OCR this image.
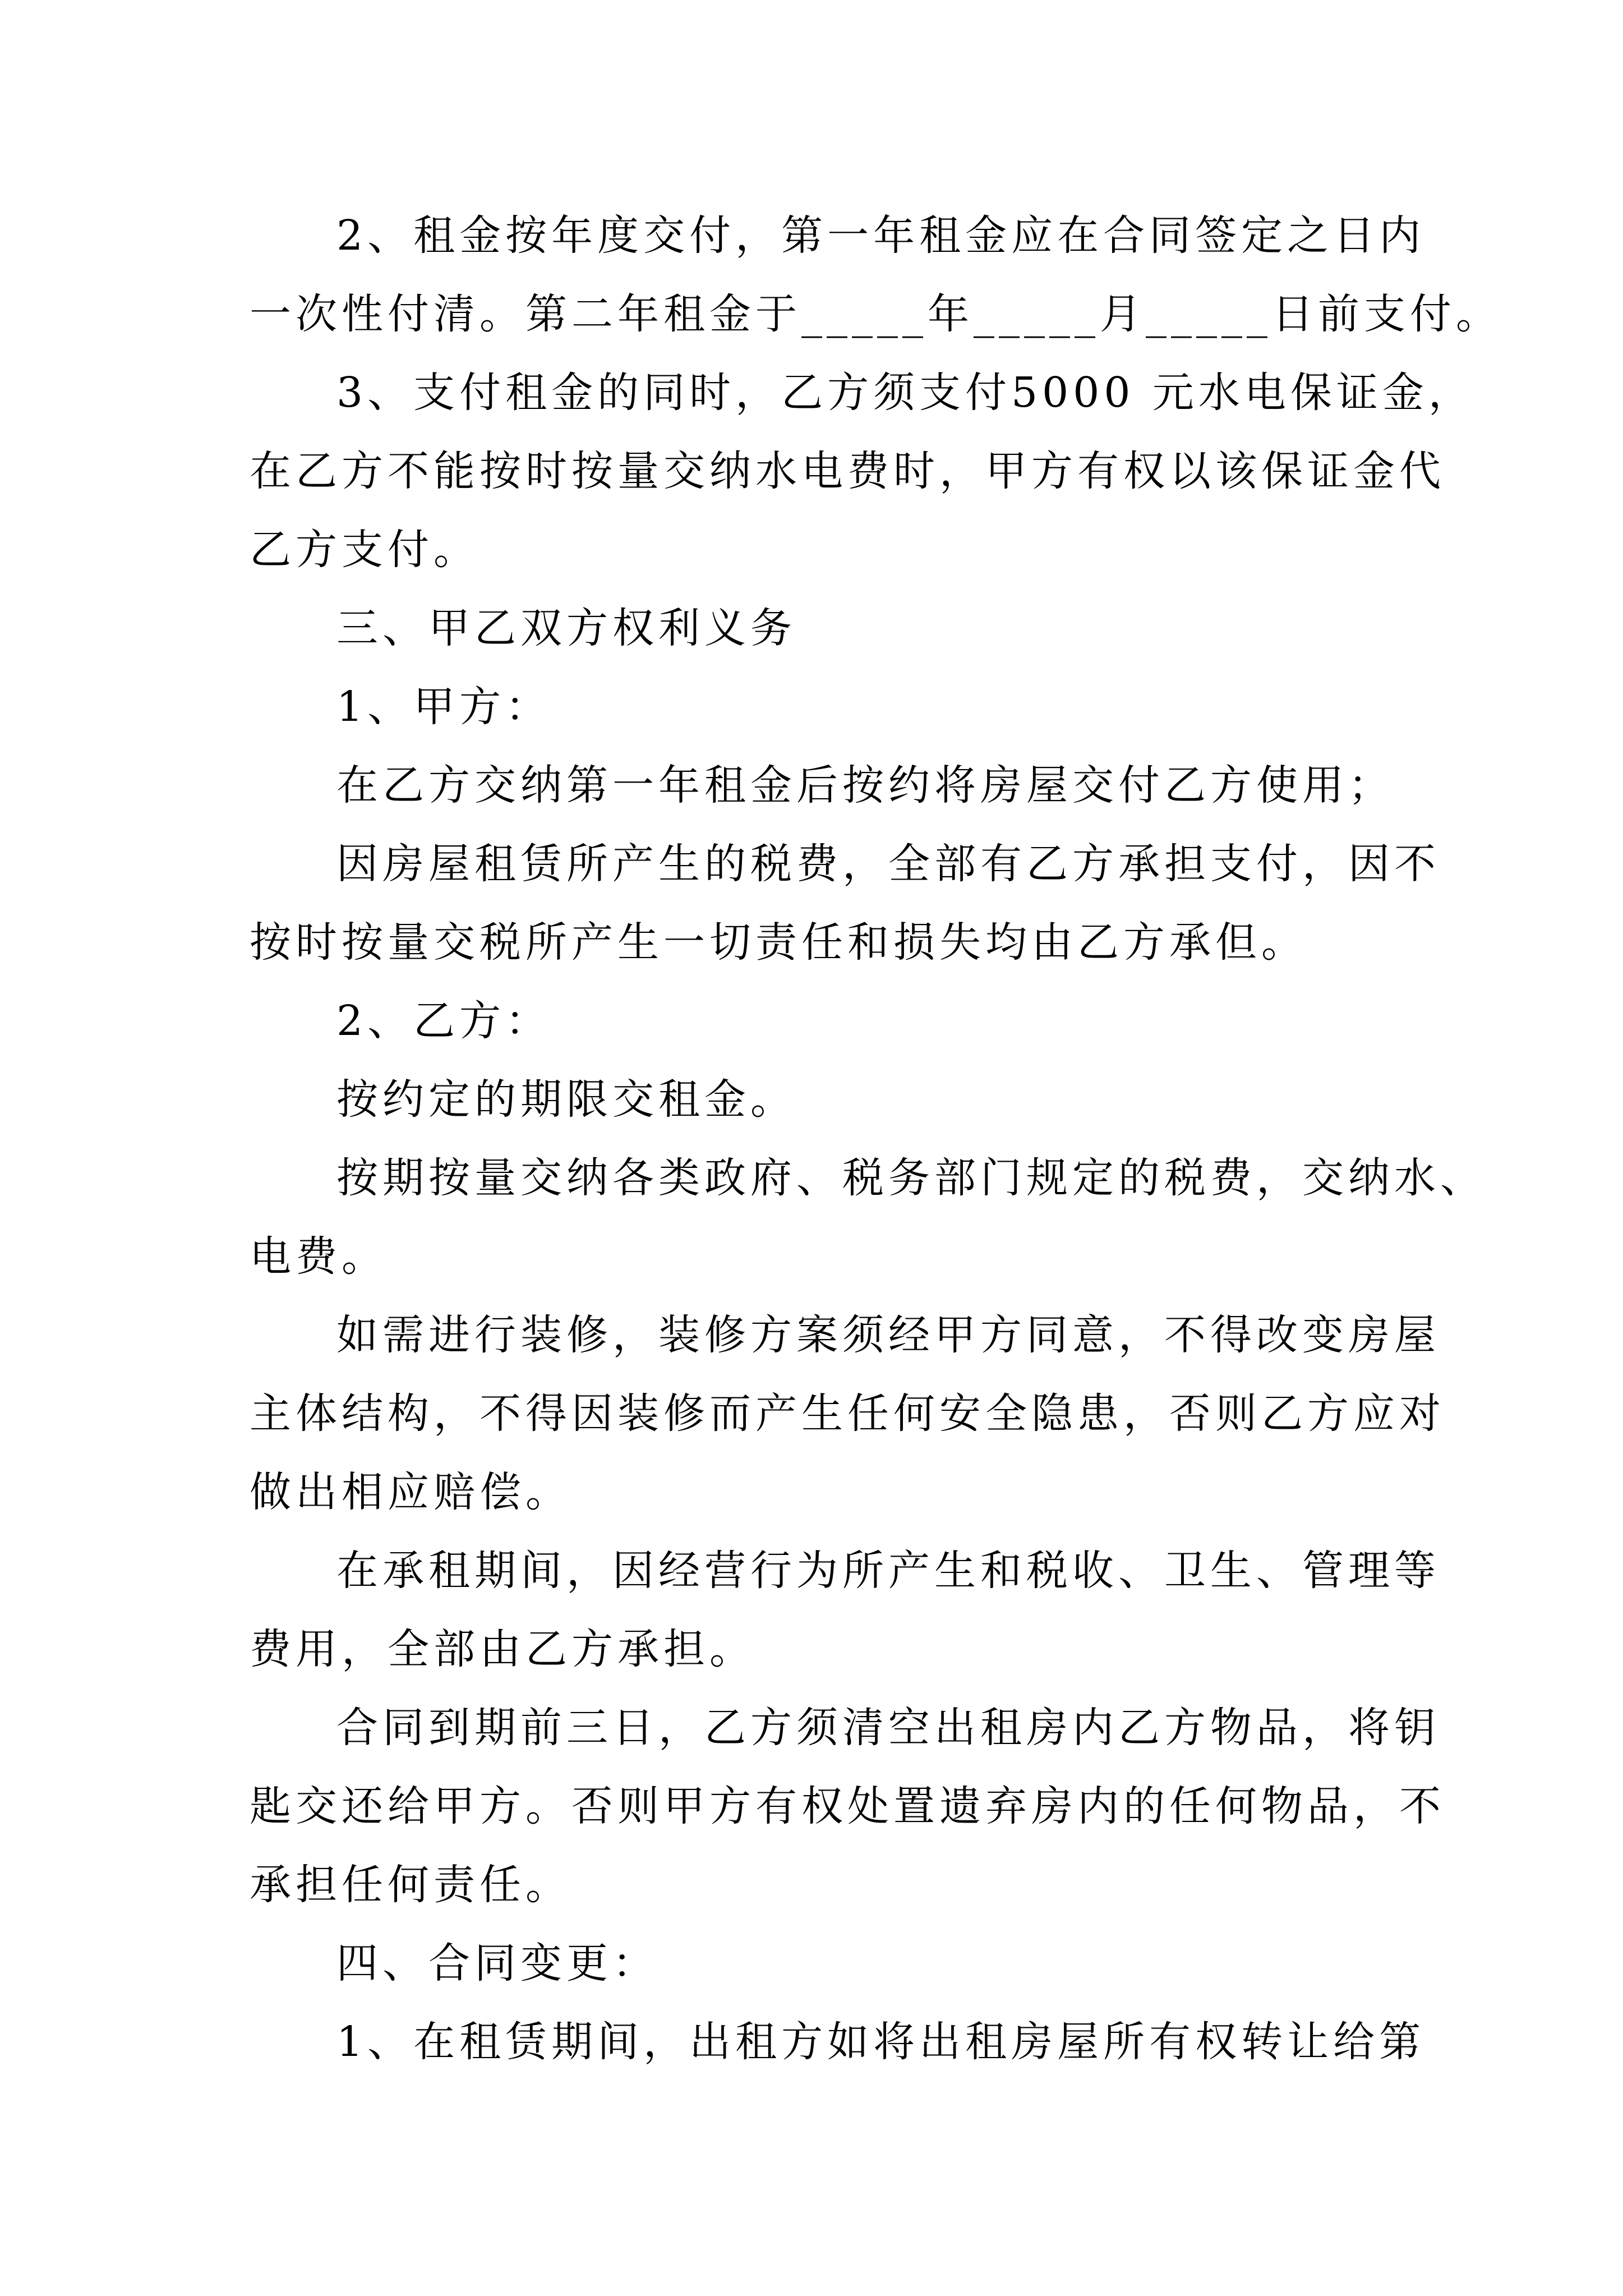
2、租金按年度交付，第一年租金应在合同签定之日内

一次性付清。第二年租金于_____年_____月_____日前支付。

3、支付租金的同时，乙方须支付5000 元水电保证金，

在乙方不能按时按量交纳水电费时，甲方有权以该保证金代

乙方支付。

三、甲乙双方权利义务

1、甲方：

在乙方交纳第一年租金后按约将房屋交付乙方使用；

因房屋租赁所产生的税费，全部有乙方承担支付，因不

按时按量交税所产生一切责任和损失均由乙方承但。

2、乙方：

按约定的期限交租金。

按期按量交纳各类政府、税务部门规定的税费，交纳水、

电费。

如需进行装修，装修方案须经甲方同意，不得改变房屋

主体结构，不得因装修而产生任何安全隐患，否则乙方应对

做出相应赔偿。

在承租期间，因经营行为所产生和税收、卫生、管理等

费用，全部由乙方承担。

合同到期前三日，乙方须清空出租房内乙方物品，将钥

匙交还给甲方。否则甲方有权处置遗弃房内的任何物品，不

承担任何责任。

四、合同变更：

1、在租赁期间，出租方如将出租房屋所有权转让给第
